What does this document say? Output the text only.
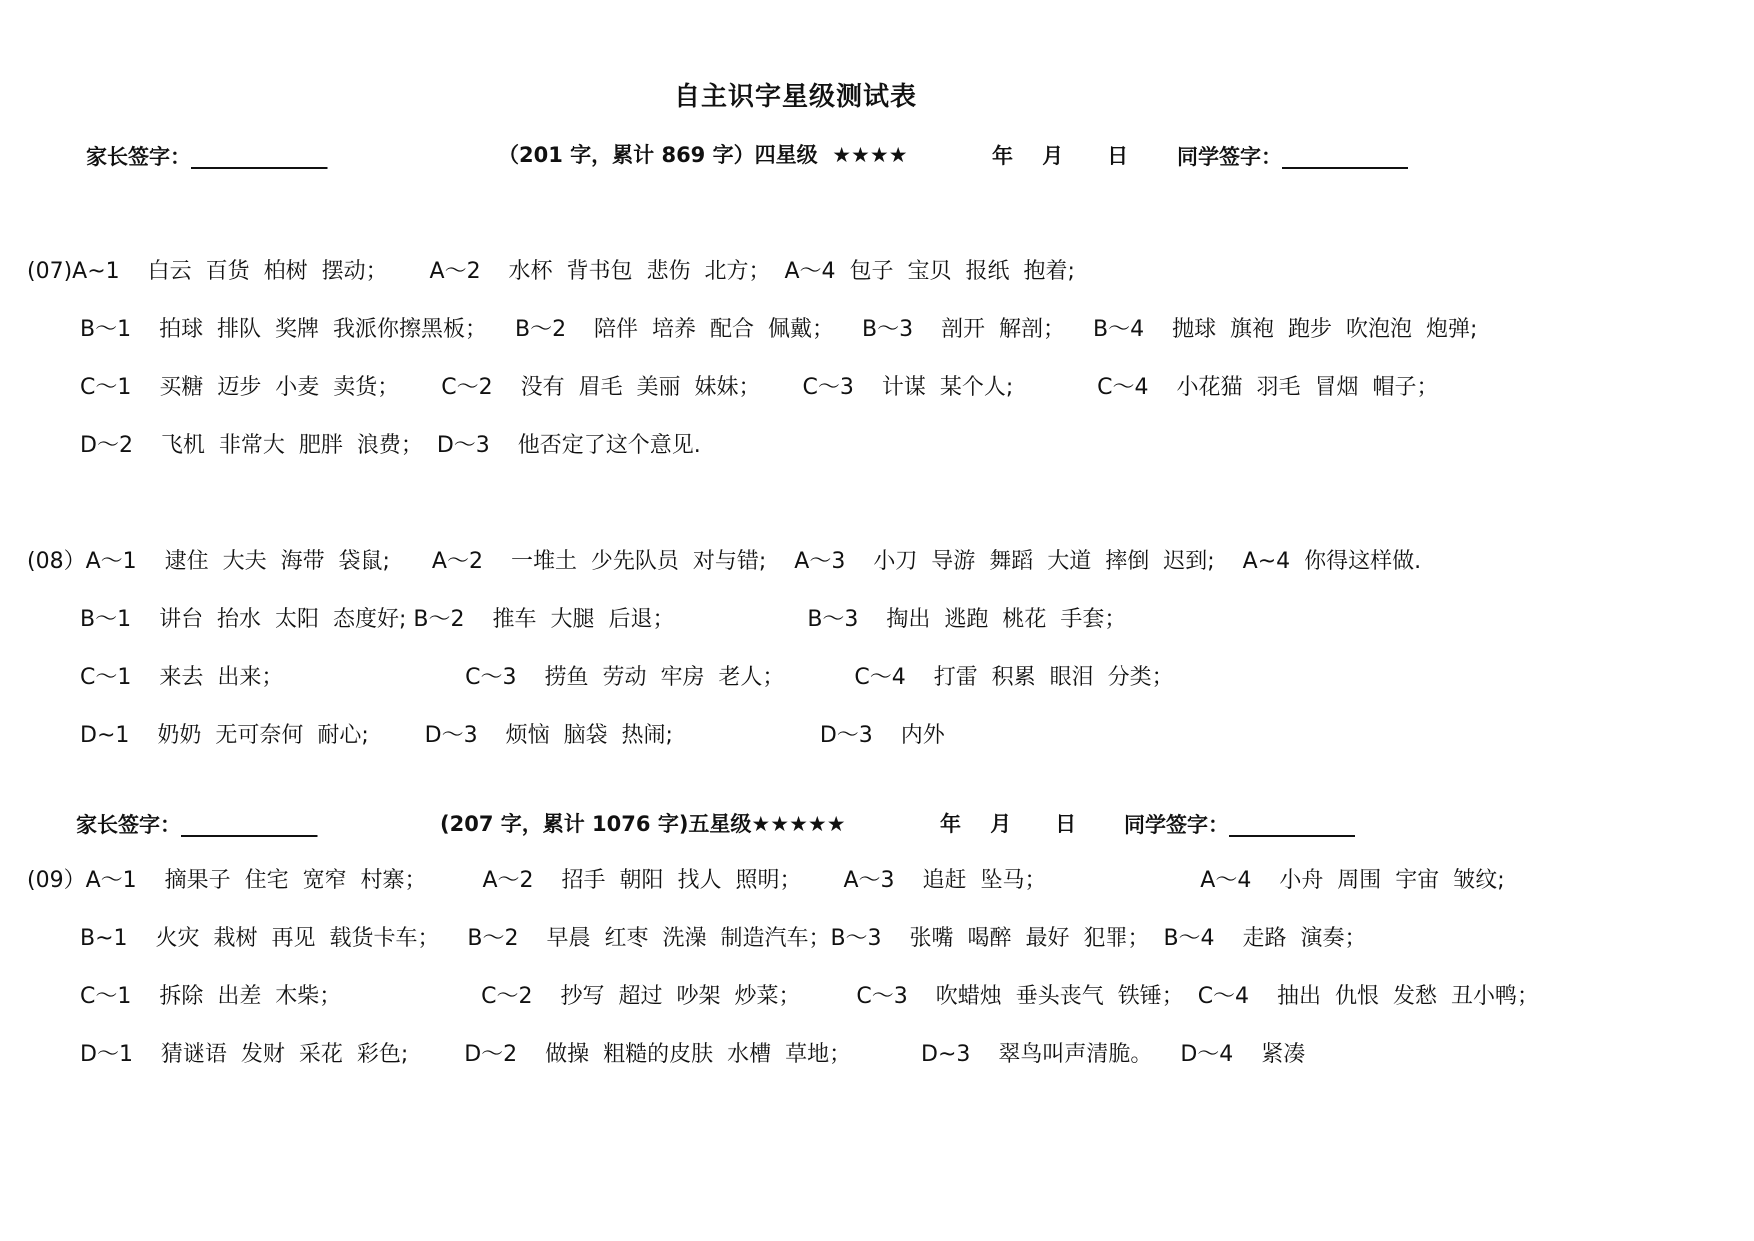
自主识字星级测试表
家长签字：_____________	（201 字，累计 869 字）四星级  ★★★★	年    月      日 同学签字：____________
(07)A~1    白云  百货  柏树  摆动；      A～2    水杯  背书包  悲伤  北方；  A～4  包子  宝贝  报纸  抱着;
B～1    拍球  排队  奖牌  我派你擦黑板；    B～2    陪伴  培养  配合  佩戴；    B～3    剖开  解剖；    B～4    抛球  旗袍  跑步  吹泡泡  炮弹;
C～1    买糖  迈步  小麦  卖货；      C～2    没有  眉毛  美丽  妹妹；      C～3    计谋  某个人;            C～4    小花猫  羽毛  冒烟  帽子；
D～2    飞机  非常大  肥胖  浪费；  D～3    他否定了这个意见.
(08）A～1    逮住  大夫  海带  袋鼠;      A～2    一堆土  少先队员  对与错;    A～3    小刀  导游  舞蹈  大道  摔倒  迟到;    A~4  你得这样做.
B～1    讲台  抬水  太阳  态度好; B～2    推车  大腿  后退；                   B～3    掏出  逃跑  桃花  手套；
C～1    来去  出来；                          C～3    捞鱼  劳动  牢房  老人；          C～4    打雷  积累  眼泪  分类；
D~1    奶奶  无可奈何  耐心;        D～3    烦恼  脑袋  热闹;                     D～3    内外
家长签字：_____________	(207 字，累计 1076 字)五星级★★★★★	年    月      日 同学签字：____________
(09）A～1    摘果子  住宅  宽窄  村寨；        A～2    招手  朝阳  找人  照明；      A～3    追赶  坠马；                      A～4    小舟  周围  宇宙  皱纹;
B~1    火灾  栽树  再见  载货卡车；    B～2    早晨  红枣  洗澡  制造汽车；B～3    张嘴  喝醉  最好  犯罪；  B～4    走路  演奏；
C～1    拆除  出差  木柴；                    C～2    抄写  超过  吵架  炒菜；        C～3    吹蜡烛  垂头丧气  铁锤；  C～4    抽出  仇恨  发愁  丑小鸭；
D～1    猜谜语  发财  采花  彩色;        D～2    做操  粗糙的皮肤  水槽  草地；          D~3    翠鸟叫声清脆。    D～4    紧凑
